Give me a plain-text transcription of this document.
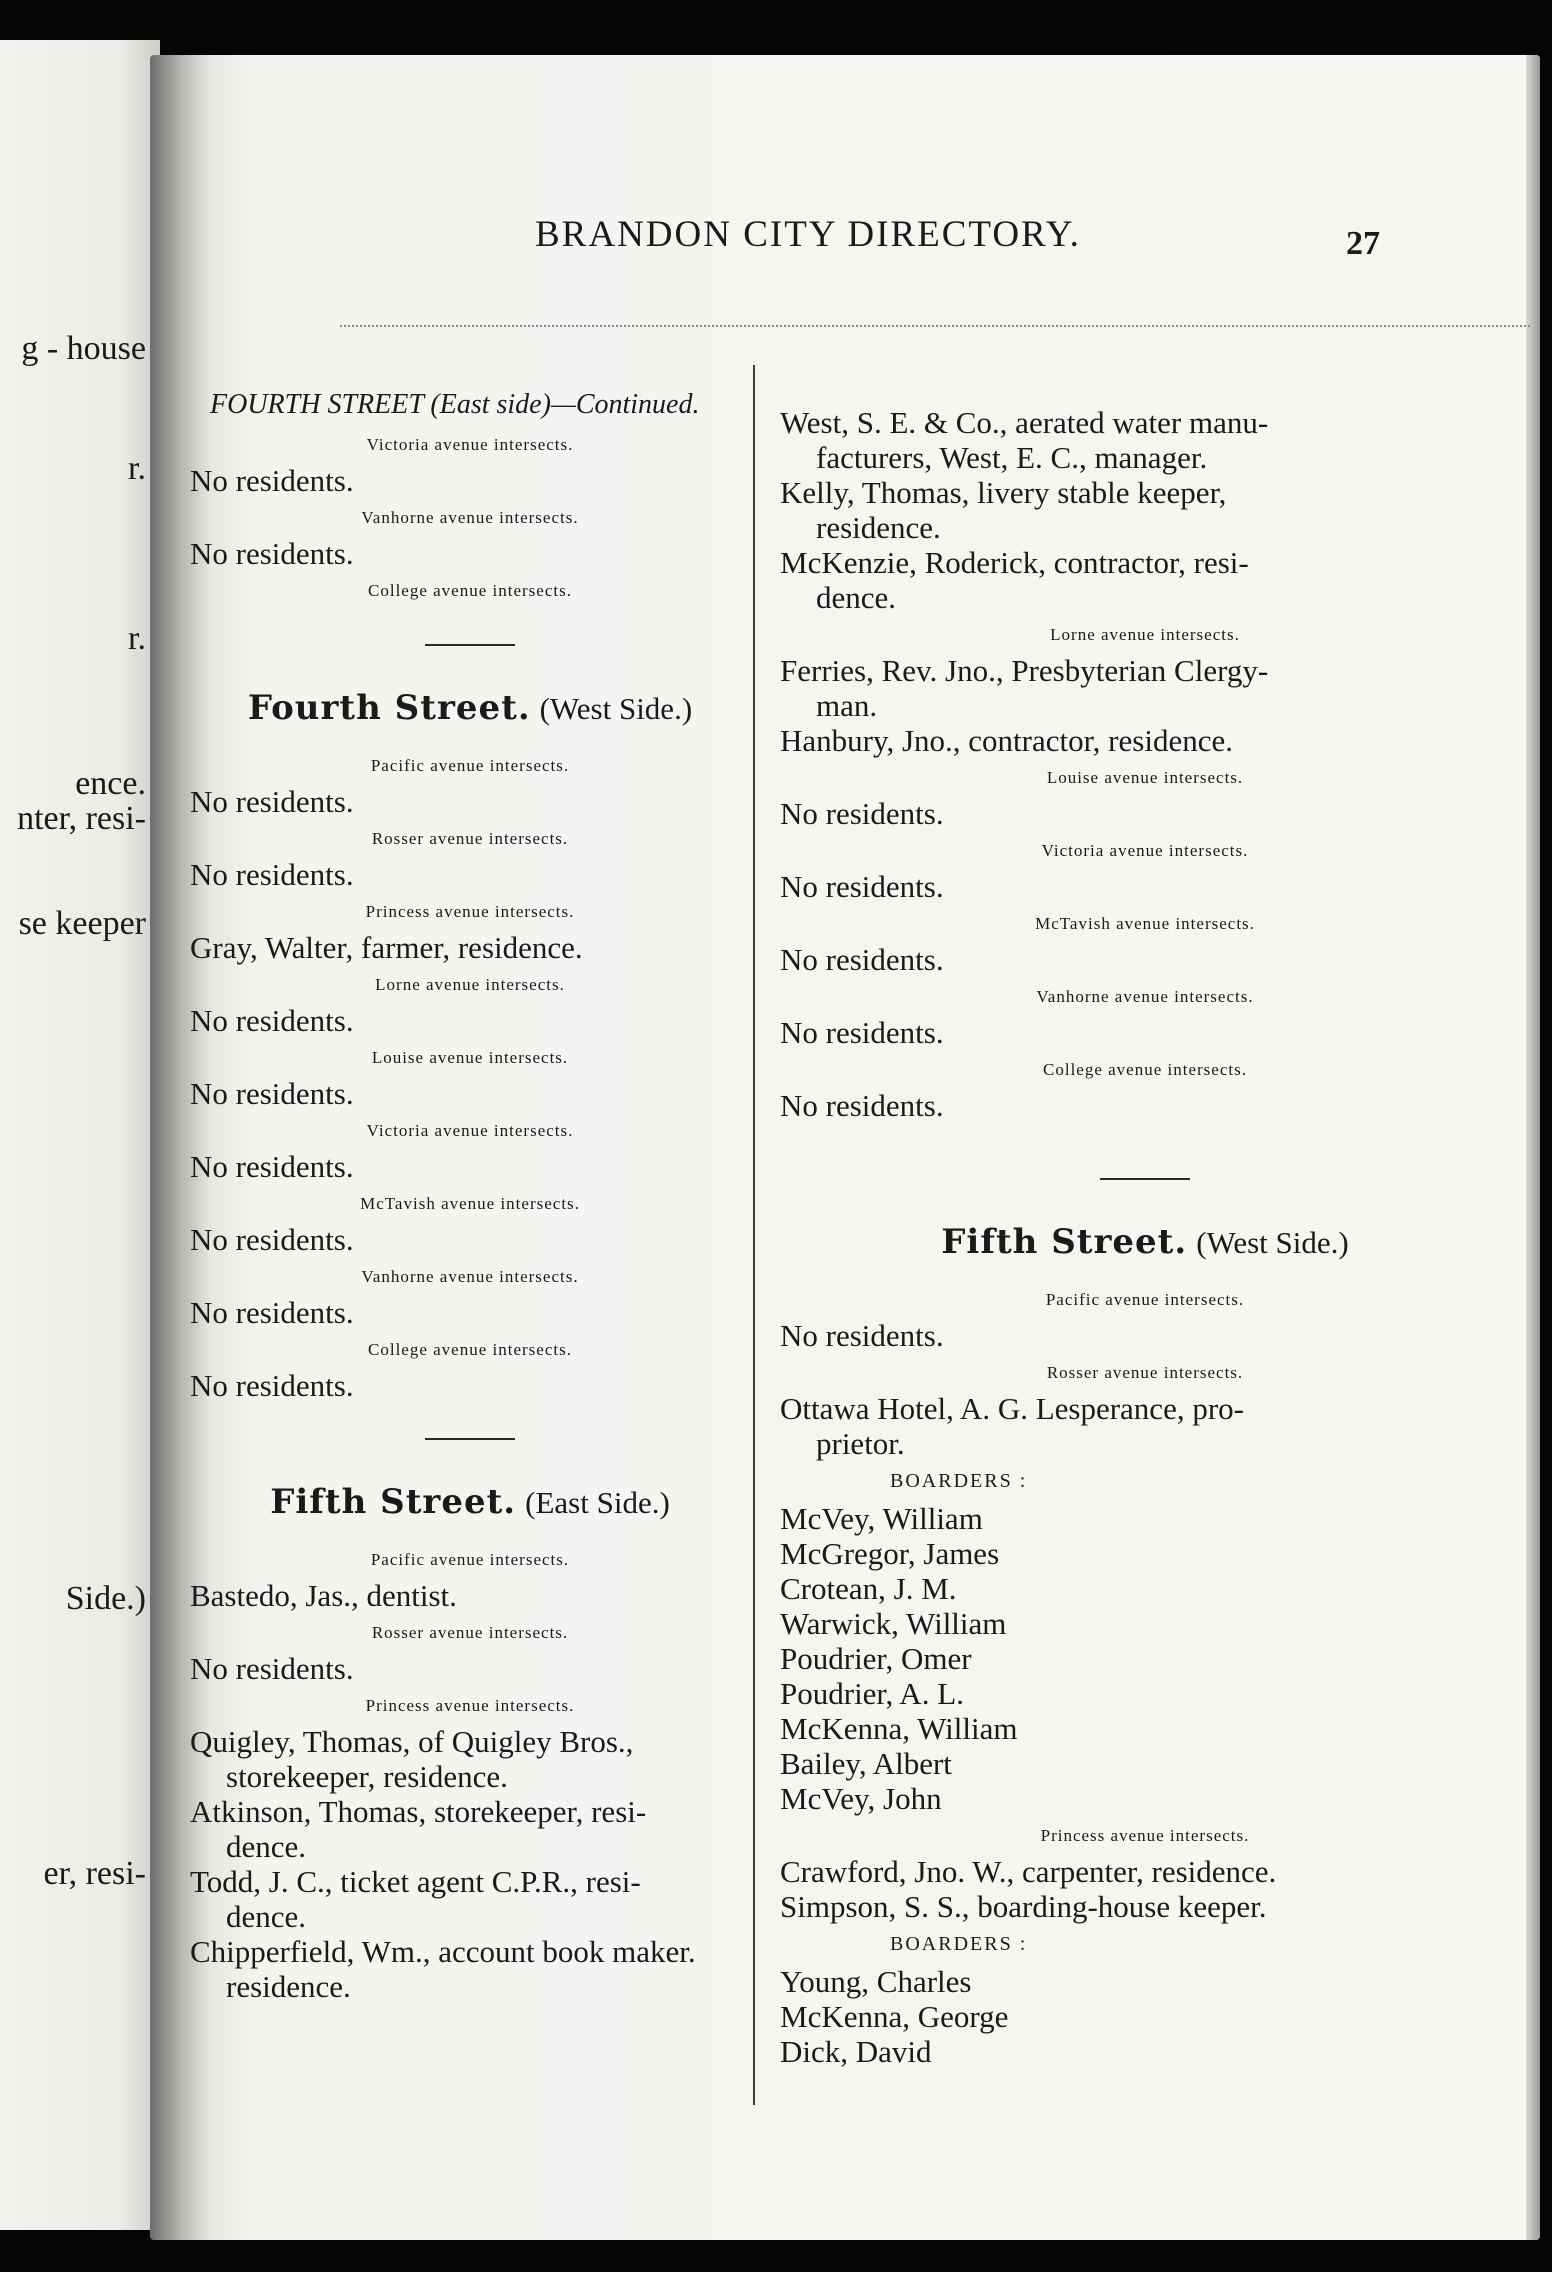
g - house
r.
r.
ence.
nter, resi-
se keeper
Side.)
er, resi-
BRANDON CITY DIRECTORY.	27
FOURTH STREET (East side)—Continued.
Victoria avenue intersects.
No residents.
Vanhorne avenue intersects.
No residents.
College avenue intersects.
Fourth Street. (West Side.)
Pacific avenue intersects.
No residents.
Rosser avenue intersects.
No residents.
Princess avenue intersects.
Gray, Walter, farmer, residence.
Lorne avenue intersects.
No residents.
Louise avenue intersects.
No residents.
Victoria avenue intersects.
No residents.
McTavish avenue intersects.
No residents.
Vanhorne avenue intersects.
No residents.
College avenue intersects.
No residents.
Fifth Street. (East Side.)
Pacific avenue intersects.
Bastedo, Jas., dentist.
Rosser avenue intersects.
No residents.
Princess avenue intersects.
Quigley, Thomas, of Quigley Bros.,
storekeeper, residence.
Atkinson, Thomas, storekeeper, resi-
dence.
Todd, J. C., ticket agent C.P.R., resi-
dence.
Chipperfield, Wm., account book maker.
residence.
West, S. E. & Co., aerated water manu-
facturers, West, E. C., manager.
Kelly, Thomas, livery stable keeper,
residence.
McKenzie, Roderick, contractor, resi-
dence.
Lorne avenue intersects.
Ferries, Rev. Jno., Presbyterian Clergy-
man.
Hanbury, Jno., contractor, residence.
Louise avenue intersects.
No residents.
Victoria avenue intersects.
No residents.
McTavish avenue intersects.
No residents.
Vanhorne avenue intersects.
No residents.
College avenue intersects.
No residents.
Fifth Street. (West Side.)
Pacific avenue intersects.
No residents.
Rosser avenue intersects.
Ottawa Hotel, A. G. Lesperance, pro-
prietor.
BOARDERS :
McVey, William
McGregor, James
Crotean, J. M.
Warwick, William
Poudrier, Omer
Poudrier, A. L.
McKenna, William
Bailey, Albert
McVey, John
Princess avenue intersects.
Crawford, Jno. W., carpenter, residence.
Simpson, S. S., boarding-house keeper.
BOARDERS :
Young, Charles
McKenna, George
Dick, David
